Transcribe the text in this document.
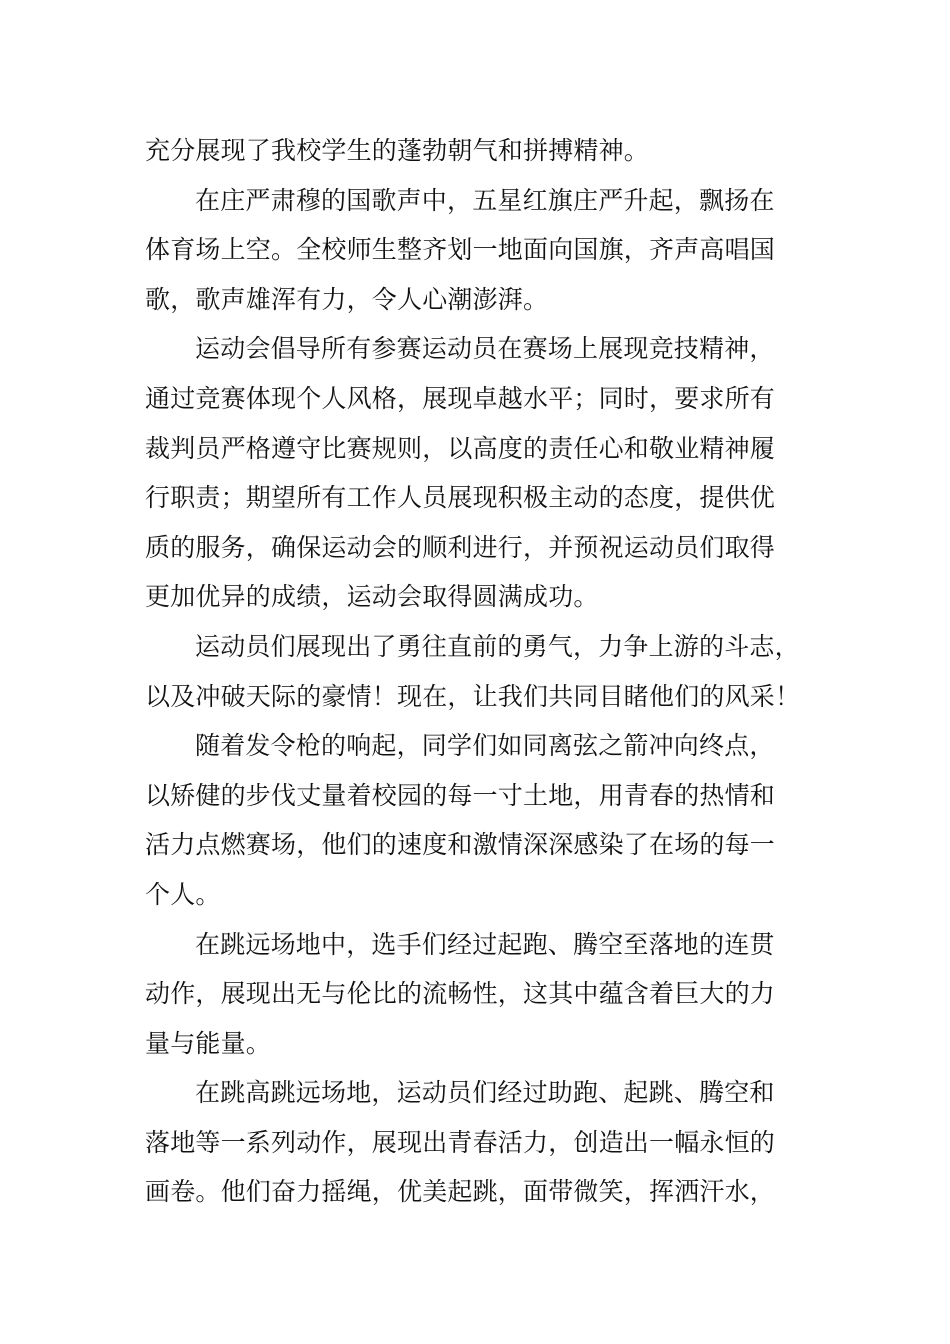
充分展现了我校学生的蓬勃朝气和拼搏精神。

在庄严肃穆的国歌声中，五星红旗庄严升起，飘扬在
体育场上空。全校师生整齐划一地面向国旗，齐声高唱国
歌，歌声雄浑有力，令人心潮澎湃。

运动会倡导所有参赛运动员在赛场上展现竞技精神，
通过竞赛体现个人风格，展现卓越水平；同时，要求所有
裁判员严格遵守比赛规则，以高度的责任心和敬业精神履
行职责；期望所有工作人员展现积极主动的态度，提供优
质的服务，确保运动会的顺利进行，并预祝运动员们取得
更加优异的成绩，运动会取得圆满成功。

运动员们展现出了勇往直前的勇气，力争上游的斗志，
以及冲破天际的豪情！现在，让我们共同目睹他们的风采！

随着发令枪的响起，同学们如同离弦之箭冲向终点，
以矫健的步伐丈量着校园的每一寸土地，用青春的热情和
活力点燃赛场，他们的速度和激情深深感染了在场的每一
个人。

在跳远场地中，选手们经过起跑、腾空至落地的连贯
动作，展现出无与伦比的流畅性，这其中蕴含着巨大的力
量与能量。

在跳高跳远场地，运动员们经过助跑、起跳、腾空和
落地等一系列动作，展现出青春活力，创造出一幅永恒的
画卷。他们奋力摇绳，优美起跳，面带微笑，挥洒汗水，
